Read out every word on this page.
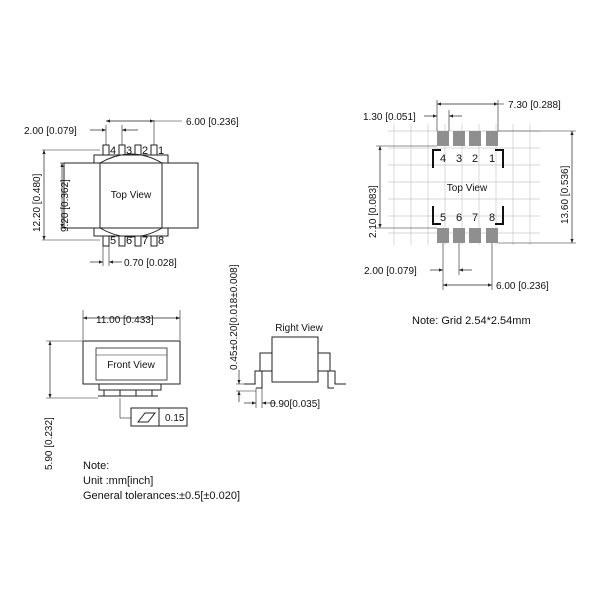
Top View
4 3 2 1
5 6 7 8
2.00 [0.079]
6.00 [0.236]
12.20 [0.480] 9.20 [0.362]
0.70 [0.028]
Top View
4 3 2 1
5 6 7 8
1.30 [0.051]
7.30 [0.288]
2.10 [0.083]	13.60 [0.536]
2.00 [0.079]
6.00 [0.236]
Note: Grid 2.54*2.54mm
Front View
11.00 [0.433]
5.90 [0.232]	0.15
Right View
0.45±0.20[0.018±0.008]
0.90[0.035]
Note:
Unit :mm[inch]
General tolerances:±0.5[±0.020]
